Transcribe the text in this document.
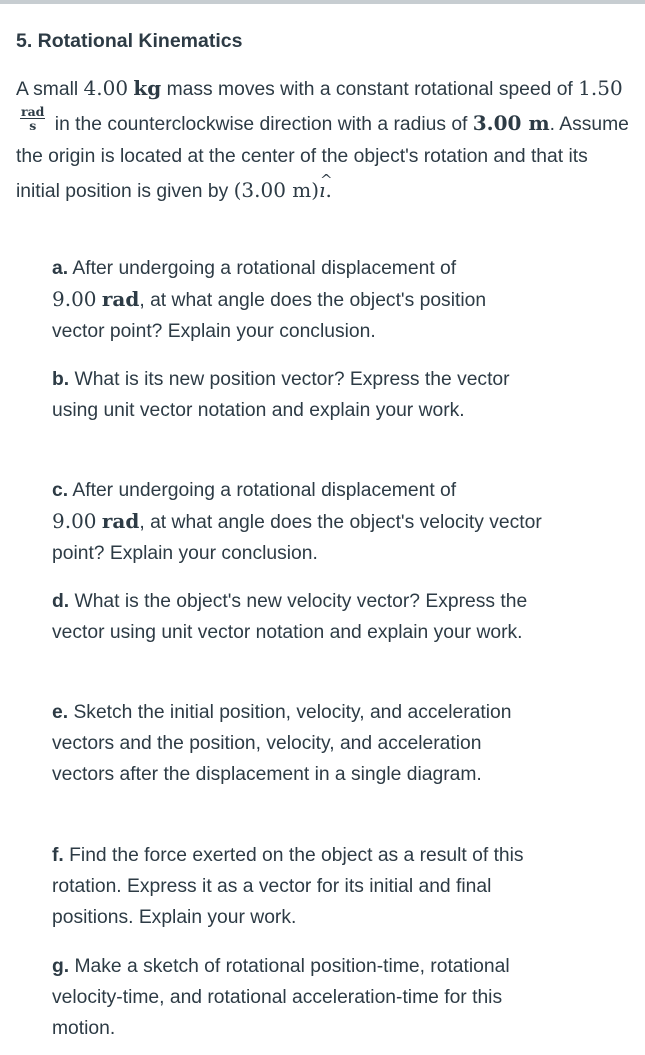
5. Rotational Kinematics

A small 4.00 kg mass moves with a constant rotational speed of 1.50
$\frac{\text{rad}}{s}$ in the counterclockwise direction with a radius of 3.00 m. Assume the origin is located at the center of the object's rotation and that its initial position is given by (3.00 m)^ ı.

a. After undergoing a rotational displacement of
9.00 rad, at what angle does the object's position vector point? Explain your conclusion.
b. What is its new position vector? Express the vector using unit vector notation and explain your work.
c. After undergoing a rotational displacement of
9.00 rad, at what angle does the object's velocity vector point? Explain your conclusion.
d. What is the object's new velocity vector? Express the vector using unit vector notation and explain your work.
e. Sketch the initial position, velocity, and acceleration vectors and the position, velocity, and acceleration vectors after the displacement in a single diagram.
f. Find the force exerted on the object as a result of this rotation. Express it as a vector for its initial and final positions. Explain your work.
g. Make a sketch of rotational position-time, rotational velocity-time, and rotational acceleration-time for this motion.
